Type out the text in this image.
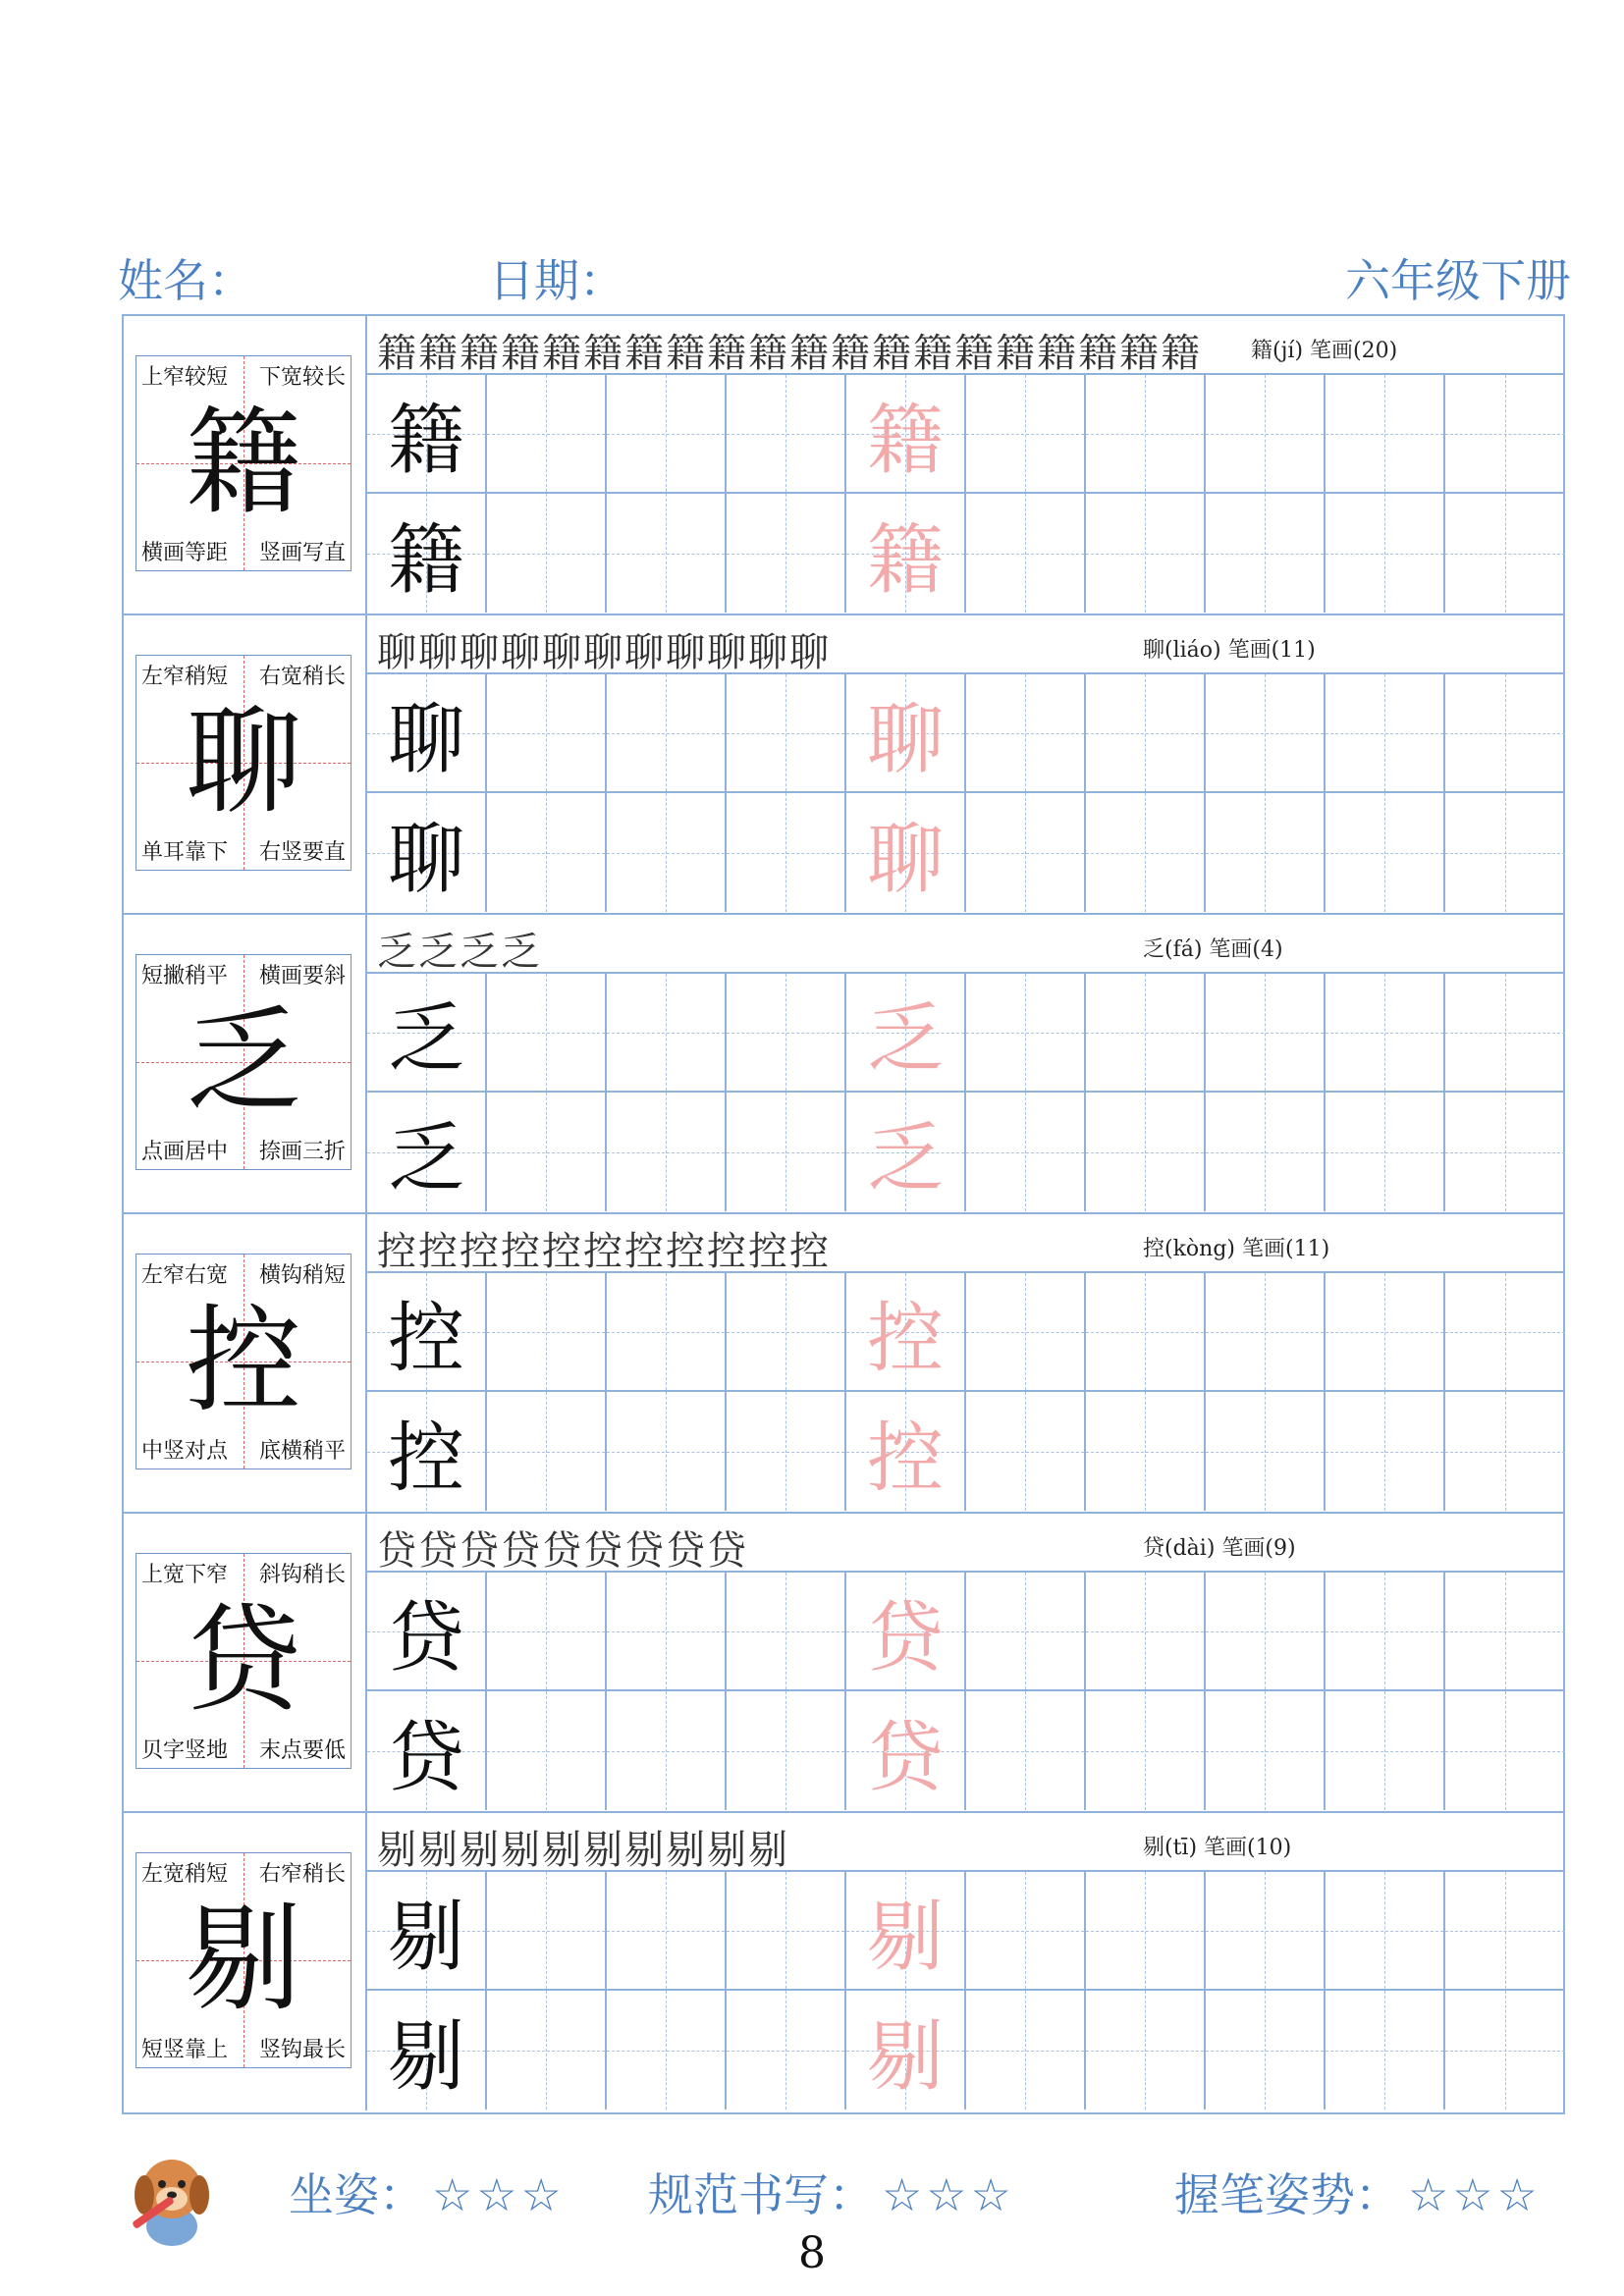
姓名：	日期：	六年级下册
籍
上窄较短 下宽较长
横画等距 竖画写直
籍籍籍籍籍籍籍籍籍籍籍籍籍籍籍籍籍籍籍籍 籍(jí) 笔画(20)
籍	籍
籍	籍
聊
左窄稍短 右宽稍长
单耳靠下 右竖要直
聊聊聊聊聊聊聊聊聊聊聊	聊(liáo) 笔画(11)
聊	聊
聊	聊
乏
短撇稍平 横画要斜
点画居中 捺画三折
乏乏乏乏	乏(fá) 笔画(4)
乏	乏
乏	乏
控
左窄右宽 横钩稍短
中竖对点 底横稍平
控控控控控控控控控控控	控(kòng) 笔画(11)
控	控
控	控
贷
上宽下窄 斜钩稍长
贝字竖地 末点要低
贷贷贷贷贷贷贷贷贷	贷(dài) 笔画(9)
贷	贷
贷	贷
剔
左宽稍短 右窄稍长
短竖靠上 竖钩最长
剔剔剔剔剔剔剔剔剔剔	剔(tī) 笔画(10)
剔	剔
剔	剔
坐姿： ☆☆☆ 规范书写： ☆☆☆	握笔姿势： ☆☆☆
8
